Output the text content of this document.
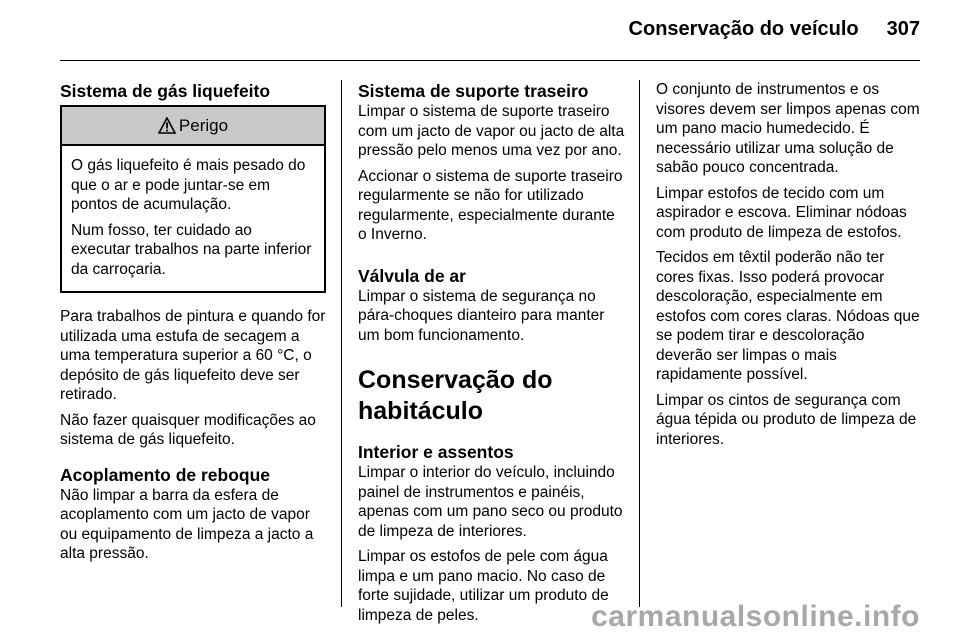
Conservação do veículo 307
Sistema de gás liquefeito
Perigo

O gás liquefeito é mais pesado do que o ar e pode juntar-se em pontos de acumulação.

Num fosso, ter cuidado ao executar trabalhos na parte inferior da carroçaria.

Para trabalhos de pintura e quando for utilizada uma estufa de secagem a uma temperatura superior a 60 °C, o depósito de gás liquefeito deve ser retirado.

Não fazer quaisquer modificações ao sistema de gás liquefeito.

Acoplamento de reboque

Não limpar a barra da esfera de acoplamento com um jacto de vapor ou equipamento de limpeza a jacto a alta pressão.

Sistema de suporte traseiro

Limpar o sistema de suporte traseiro com um jacto de vapor ou jacto de alta pressão pelo menos uma vez por ano.

Accionar o sistema de suporte traseiro regularmente se não for utilizado regularmente, especialmente durante o Inverno.

Válvula de ar

Limpar o sistema de segurança no pára-choques dianteiro para manter um bom funcionamento.

Conservação do habitáculo
Interior e assentos

Limpar o interior do veículo, incluindo painel de instrumentos e painéis, apenas com um pano seco ou produto de limpeza de interiores.

Limpar os estofos de pele com água limpa e um pano macio. No caso de forte sujidade, utilizar um produto de limpeza de peles.

O conjunto de instrumentos e os visores devem ser limpos apenas com um pano macio humedecido. É necessário utilizar uma solução de sabão pouco concentrada.

Limpar estofos de tecido com um aspirador e escova. Eliminar nódoas com produto de limpeza de estofos.

Tecidos em têxtil poderão não ter cores fixas. Isso poderá provocar descoloração, especialmente em estofos com cores claras. Nódoas que se podem tirar e descoloração deverão ser limpas o mais rapidamente possível.

Limpar os cintos de segurança com água tépida ou produto de limpeza de interiores.

carmanualsonline.info
